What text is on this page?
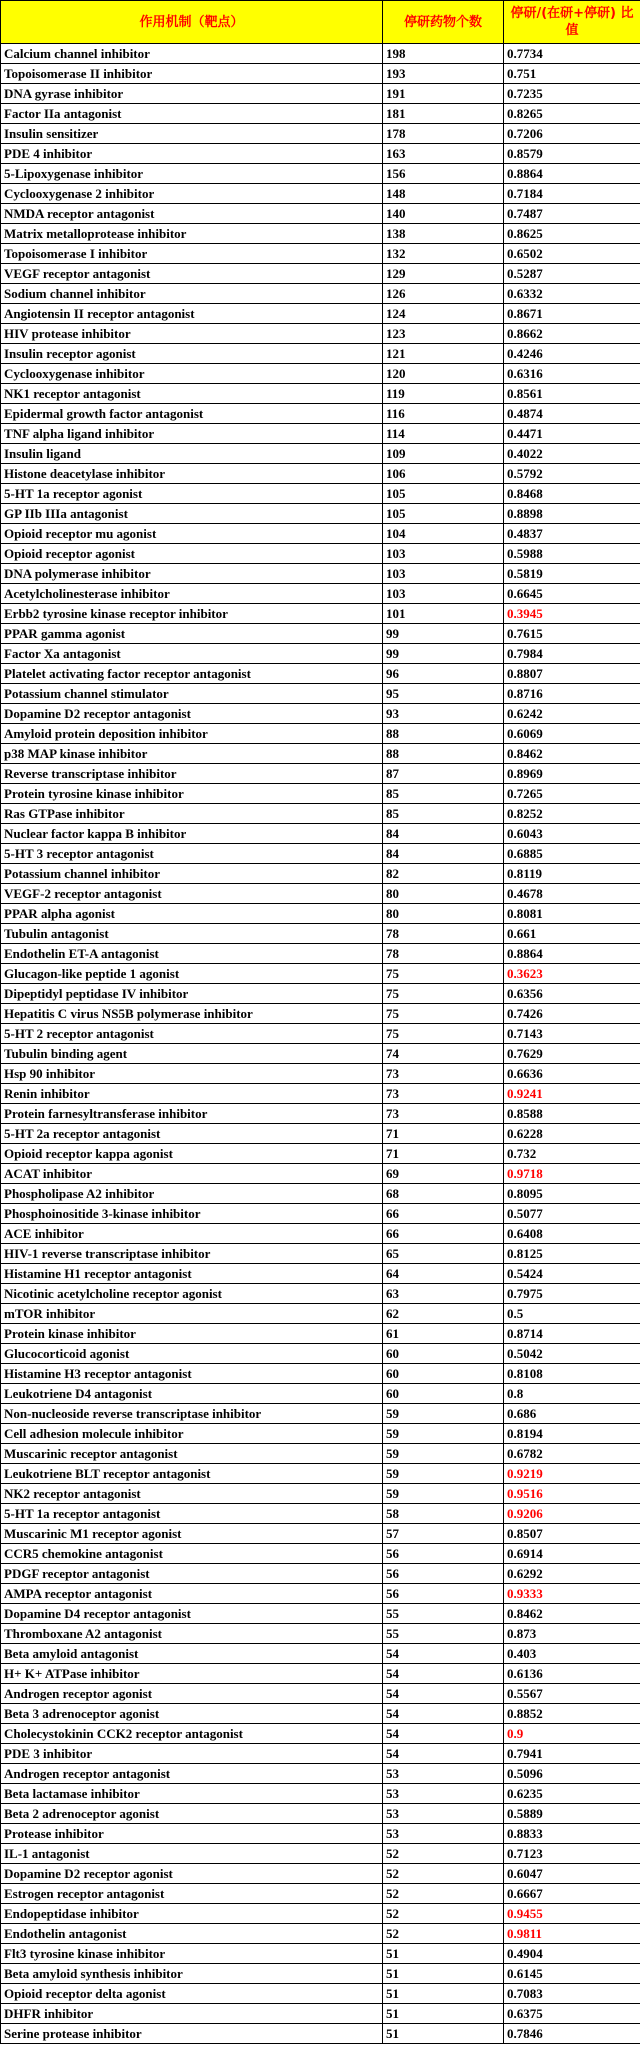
作用机制（靶点）	停研药物个数	停研/(在研+停研) 比值
Calcium channel inhibitor	198	0.7734
Topoisomerase II inhibitor	193	0.751
DNA gyrase inhibitor	191	0.7235
Factor IIa antagonist	181	0.8265
Insulin sensitizer	178	0.7206
PDE 4 inhibitor	163	0.8579
5-Lipoxygenase inhibitor	156	0.8864
Cyclooxygenase 2 inhibitor	148	0.7184
NMDA receptor antagonist	140	0.7487
Matrix metalloprotease inhibitor	138	0.8625
Topoisomerase I inhibitor	132	0.6502
VEGF receptor antagonist	129	0.5287
Sodium channel inhibitor	126	0.6332
Angiotensin II receptor antagonist	124	0.8671
HIV protease inhibitor	123	0.8662
Insulin receptor agonist	121	0.4246
Cyclooxygenase inhibitor	120	0.6316
NK1 receptor antagonist	119	0.8561
Epidermal growth factor antagonist	116	0.4874
TNF alpha ligand inhibitor	114	0.4471
Insulin ligand	109	0.4022
Histone deacetylase inhibitor	106	0.5792
5-HT 1a receptor agonist	105	0.8468
GP IIb IIIa antagonist	105	0.8898
Opioid receptor mu agonist	104	0.4837
Opioid receptor agonist	103	0.5988
DNA polymerase inhibitor	103	0.5819
Acetylcholinesterase inhibitor	103	0.6645
Erbb2 tyrosine kinase receptor inhibitor	101	0.3945
PPAR gamma agonist	99	0.7615
Factor Xa antagonist	99	0.7984
Platelet activating factor receptor antagonist	96	0.8807
Potassium channel stimulator	95	0.8716
Dopamine D2 receptor antagonist	93	0.6242
Amyloid protein deposition inhibitor	88	0.6069
p38 MAP kinase inhibitor	88	0.8462
Reverse transcriptase inhibitor	87	0.8969
Protein tyrosine kinase inhibitor	85	0.7265
Ras GTPase inhibitor	85	0.8252
Nuclear factor kappa B inhibitor	84	0.6043
5-HT 3 receptor antagonist	84	0.6885
Potassium channel inhibitor	82	0.8119
VEGF-2 receptor antagonist	80	0.4678
PPAR alpha agonist	80	0.8081
Tubulin antagonist	78	0.661
Endothelin ET-A antagonist	78	0.8864
Glucagon-like peptide 1 agonist	75	0.3623
Dipeptidyl peptidase IV inhibitor	75	0.6356
Hepatitis C virus NS5B polymerase inhibitor	75	0.7426
5-HT 2 receptor antagonist	75	0.7143
Tubulin binding agent	74	0.7629
Hsp 90 inhibitor	73	0.6636
Renin inhibitor	73	0.9241
Protein farnesyltransferase inhibitor	73	0.8588
5-HT 2a receptor antagonist	71	0.6228
Opioid receptor kappa agonist	71	0.732
ACAT inhibitor	69	0.9718
Phospholipase A2 inhibitor	68	0.8095
Phosphoinositide 3-kinase inhibitor	66	0.5077
ACE inhibitor	66	0.6408
HIV-1 reverse transcriptase inhibitor	65	0.8125
Histamine H1 receptor antagonist	64	0.5424
Nicotinic acetylcholine receptor agonist	63	0.7975
mTOR inhibitor	62	0.5
Protein kinase inhibitor	61	0.8714
Glucocorticoid agonist	60	0.5042
Histamine H3 receptor antagonist	60	0.8108
Leukotriene D4 antagonist	60	0.8
Non-nucleoside reverse transcriptase inhibitor	59	0.686
Cell adhesion molecule inhibitor	59	0.8194
Muscarinic receptor antagonist	59	0.6782
Leukotriene BLT receptor antagonist	59	0.9219
NK2 receptor antagonist	59	0.9516
5-HT 1a receptor antagonist	58	0.9206
Muscarinic M1 receptor agonist	57	0.8507
CCR5 chemokine antagonist	56	0.6914
PDGF receptor antagonist	56	0.6292
AMPA receptor antagonist	56	0.9333
Dopamine D4 receptor antagonist	55	0.8462
Thromboxane A2 antagonist	55	0.873
Beta amyloid antagonist	54	0.403
H+ K+ ATPase inhibitor	54	0.6136
Androgen receptor agonist	54	0.5567
Beta 3 adrenoceptor agonist	54	0.8852
Cholecystokinin CCK2 receptor antagonist	54	0.9
PDE 3 inhibitor	54	0.7941
Androgen receptor antagonist	53	0.5096
Beta lactamase inhibitor	53	0.6235
Beta 2 adrenoceptor agonist	53	0.5889
Protease inhibitor	53	0.8833
IL-1 antagonist	52	0.7123
Dopamine D2 receptor agonist	52	0.6047
Estrogen receptor antagonist	52	0.6667
Endopeptidase inhibitor	52	0.9455
Endothelin antagonist	52	0.9811
Flt3 tyrosine kinase inhibitor	51	0.4904
Beta amyloid synthesis inhibitor	51	0.6145
Opioid receptor delta agonist	51	0.7083
DHFR inhibitor	51	0.6375
Serine protease inhibitor	51	0.7846
